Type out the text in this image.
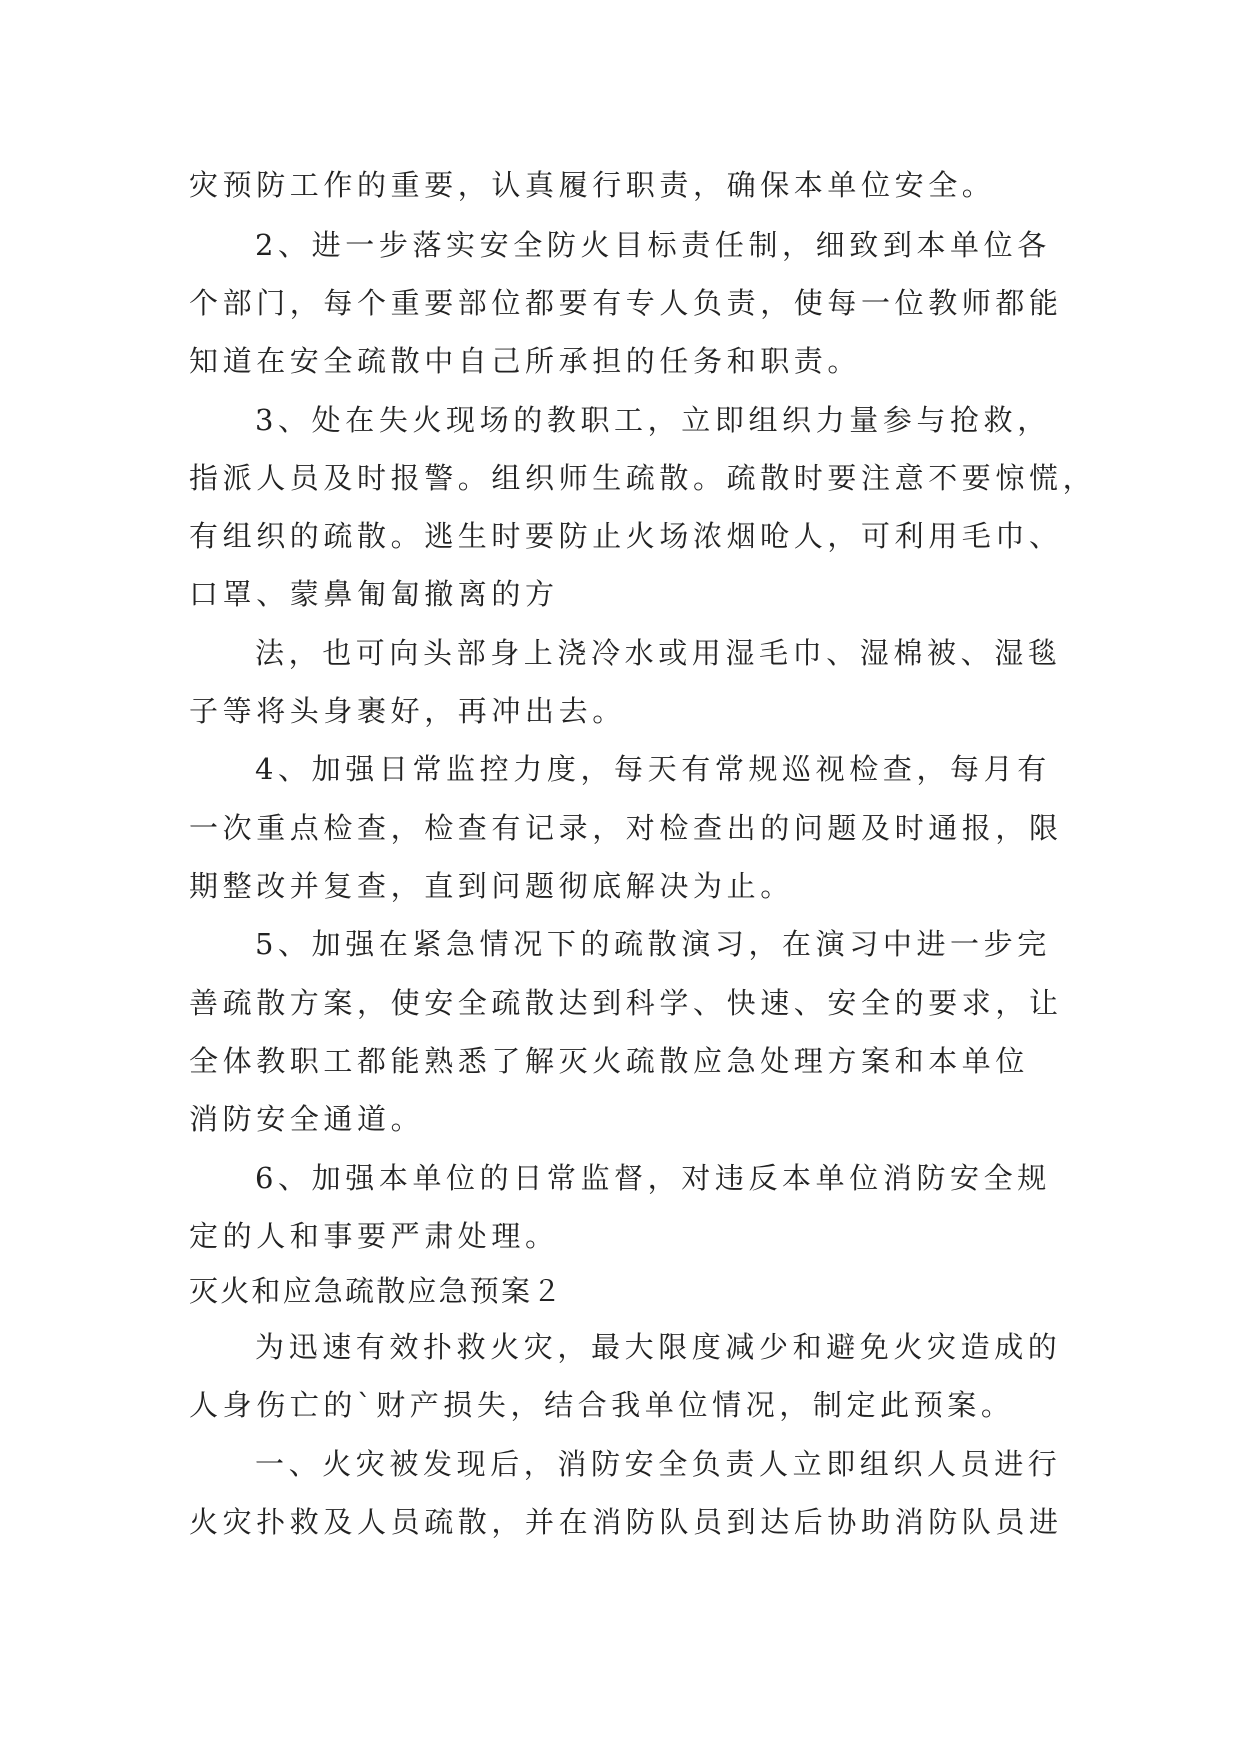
灾预防工作的重要，认真履行职责，确保本单位安全。
2、进一步落实安全防火目标责任制，细致到本单位各
个部门，每个重要部位都要有专人负责，使每一位教师都能
知道在安全疏散中自己所承担的任务和职责。
3、处在失火现场的教职工，立即组织力量参与抢救，
指派人员及时报警。组织师生疏散。疏散时要注意不要惊慌，
有组织的疏散。逃生时要防止火场浓烟呛人，可利用毛巾、
口罩、蒙鼻匍匐撤离的方
法，也可向头部身上浇冷水或用湿毛巾、湿棉被、湿毯
子等将头身裹好，再冲出去。
4、加强日常监控力度，每天有常规巡视检查，每月有
一次重点检查，检查有记录，对检查出的问题及时通报，限
期整改并复查，直到问题彻底解决为止。
5、加强在紧急情况下的疏散演习，在演习中进一步完
善疏散方案，使安全疏散达到科学、快速、安全的要求，让
全体教职工都能熟悉了解灭火疏散应急处理方案和本单位
消防安全通道。
6、加强本单位的日常监督，对违反本单位消防安全规
定的人和事要严肃处理。
灭火和应急疏散应急预案２
为迅速有效扑救火灾，最大限度减少和避免火灾造成的
人身伤亡的`财产损失，结合我单位情况，制定此预案。
一、火灾被发现后，消防安全负责人立即组织人员进行
火灾扑救及人员疏散，并在消防队员到达后协助消防队员进
